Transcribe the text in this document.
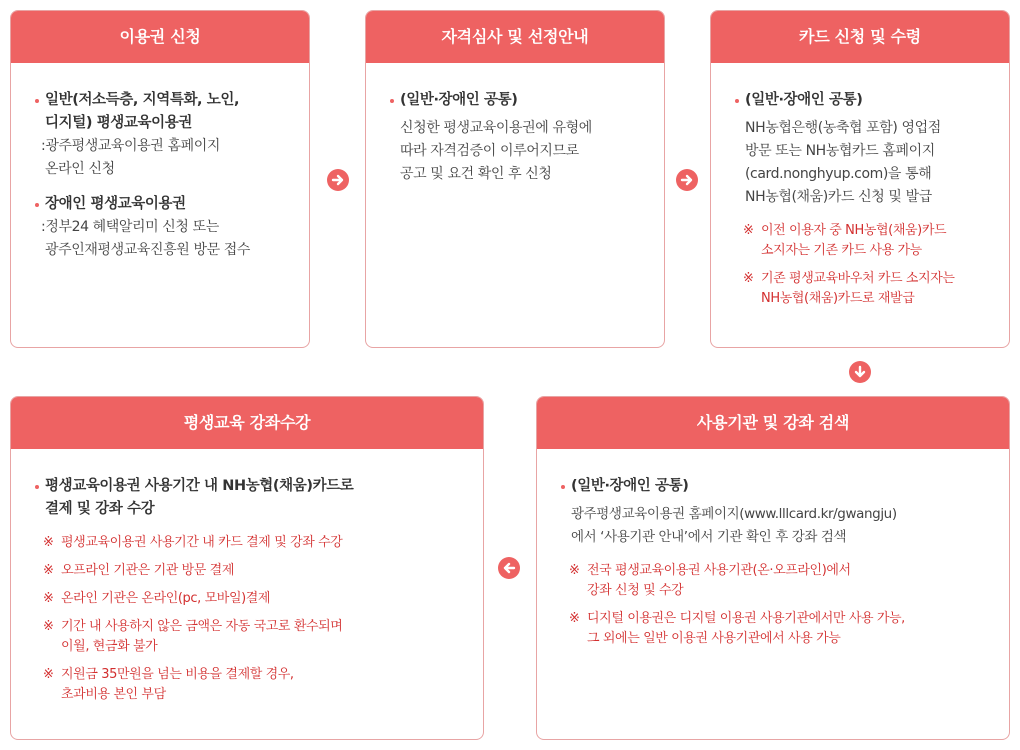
이용권 신청
일반(저소득층, 지역특화, 노인,
디지털) 평생교육이용권
:광주평생교육이용권 홈페이지
온라인 신청
장애인 평생교육이용권
:정부24 혜택알리미 신청 또는
광주인재평생교육진흥원 방문 접수
자격심사 및 선정안내
(일반·장애인 공통)
신청한 평생교육이용권에 유형에
따라 자격검증이 이루어지므로
공고 및 요건 확인 후 신청
카드 신청 및 수령
(일반·장애인 공통)
NH농협은행(농축협 포함) 영업점
방문 또는 NH농협카드 홈페이지
(card.nonghyup.com)을 통해
NH농협(채움)카드 신청 및 발급
※ 이전 이용자 중 NH농협(채움)카드
소지자는 기존 카드 사용 가능
※ 기존 평생교육바우처 카드 소지자는
NH농협(채움)카드로 재발급
사용기관 및 강좌 검색
(일반·장애인 공통)
광주평생교육이용권 홈페이지(www.lllcard.kr/gwangju)
에서 ‘사용기관 안내’에서 기관 확인 후 강좌 검색
※ 전국 평생교육이용권 사용기관(온·오프라인)에서
강좌 신청 및 수강
※ 디지털 이용권은 디지털 이용권 사용기관에서만 사용 가능,
그 외에는 일반 이용권 사용기관에서 사용 가능
평생교육 강좌수강
평생교육이용권 사용기간 내 NH농협(채움)카드로
결제 및 강좌 수강
※ 평생교육이용권 사용기간 내 카드 결제 및 강좌 수강
※ 오프라인 기관은 기관 방문 결제
※ 온라인 기관은 온라인(pc, 모바일)결제
※ 기간 내 사용하지 않은 금액은 자동 국고로 환수되며
이월, 현금화 불가
※ 지원금 35만원을 넘는 비용을 결제할 경우,
초과비용 본인 부담
